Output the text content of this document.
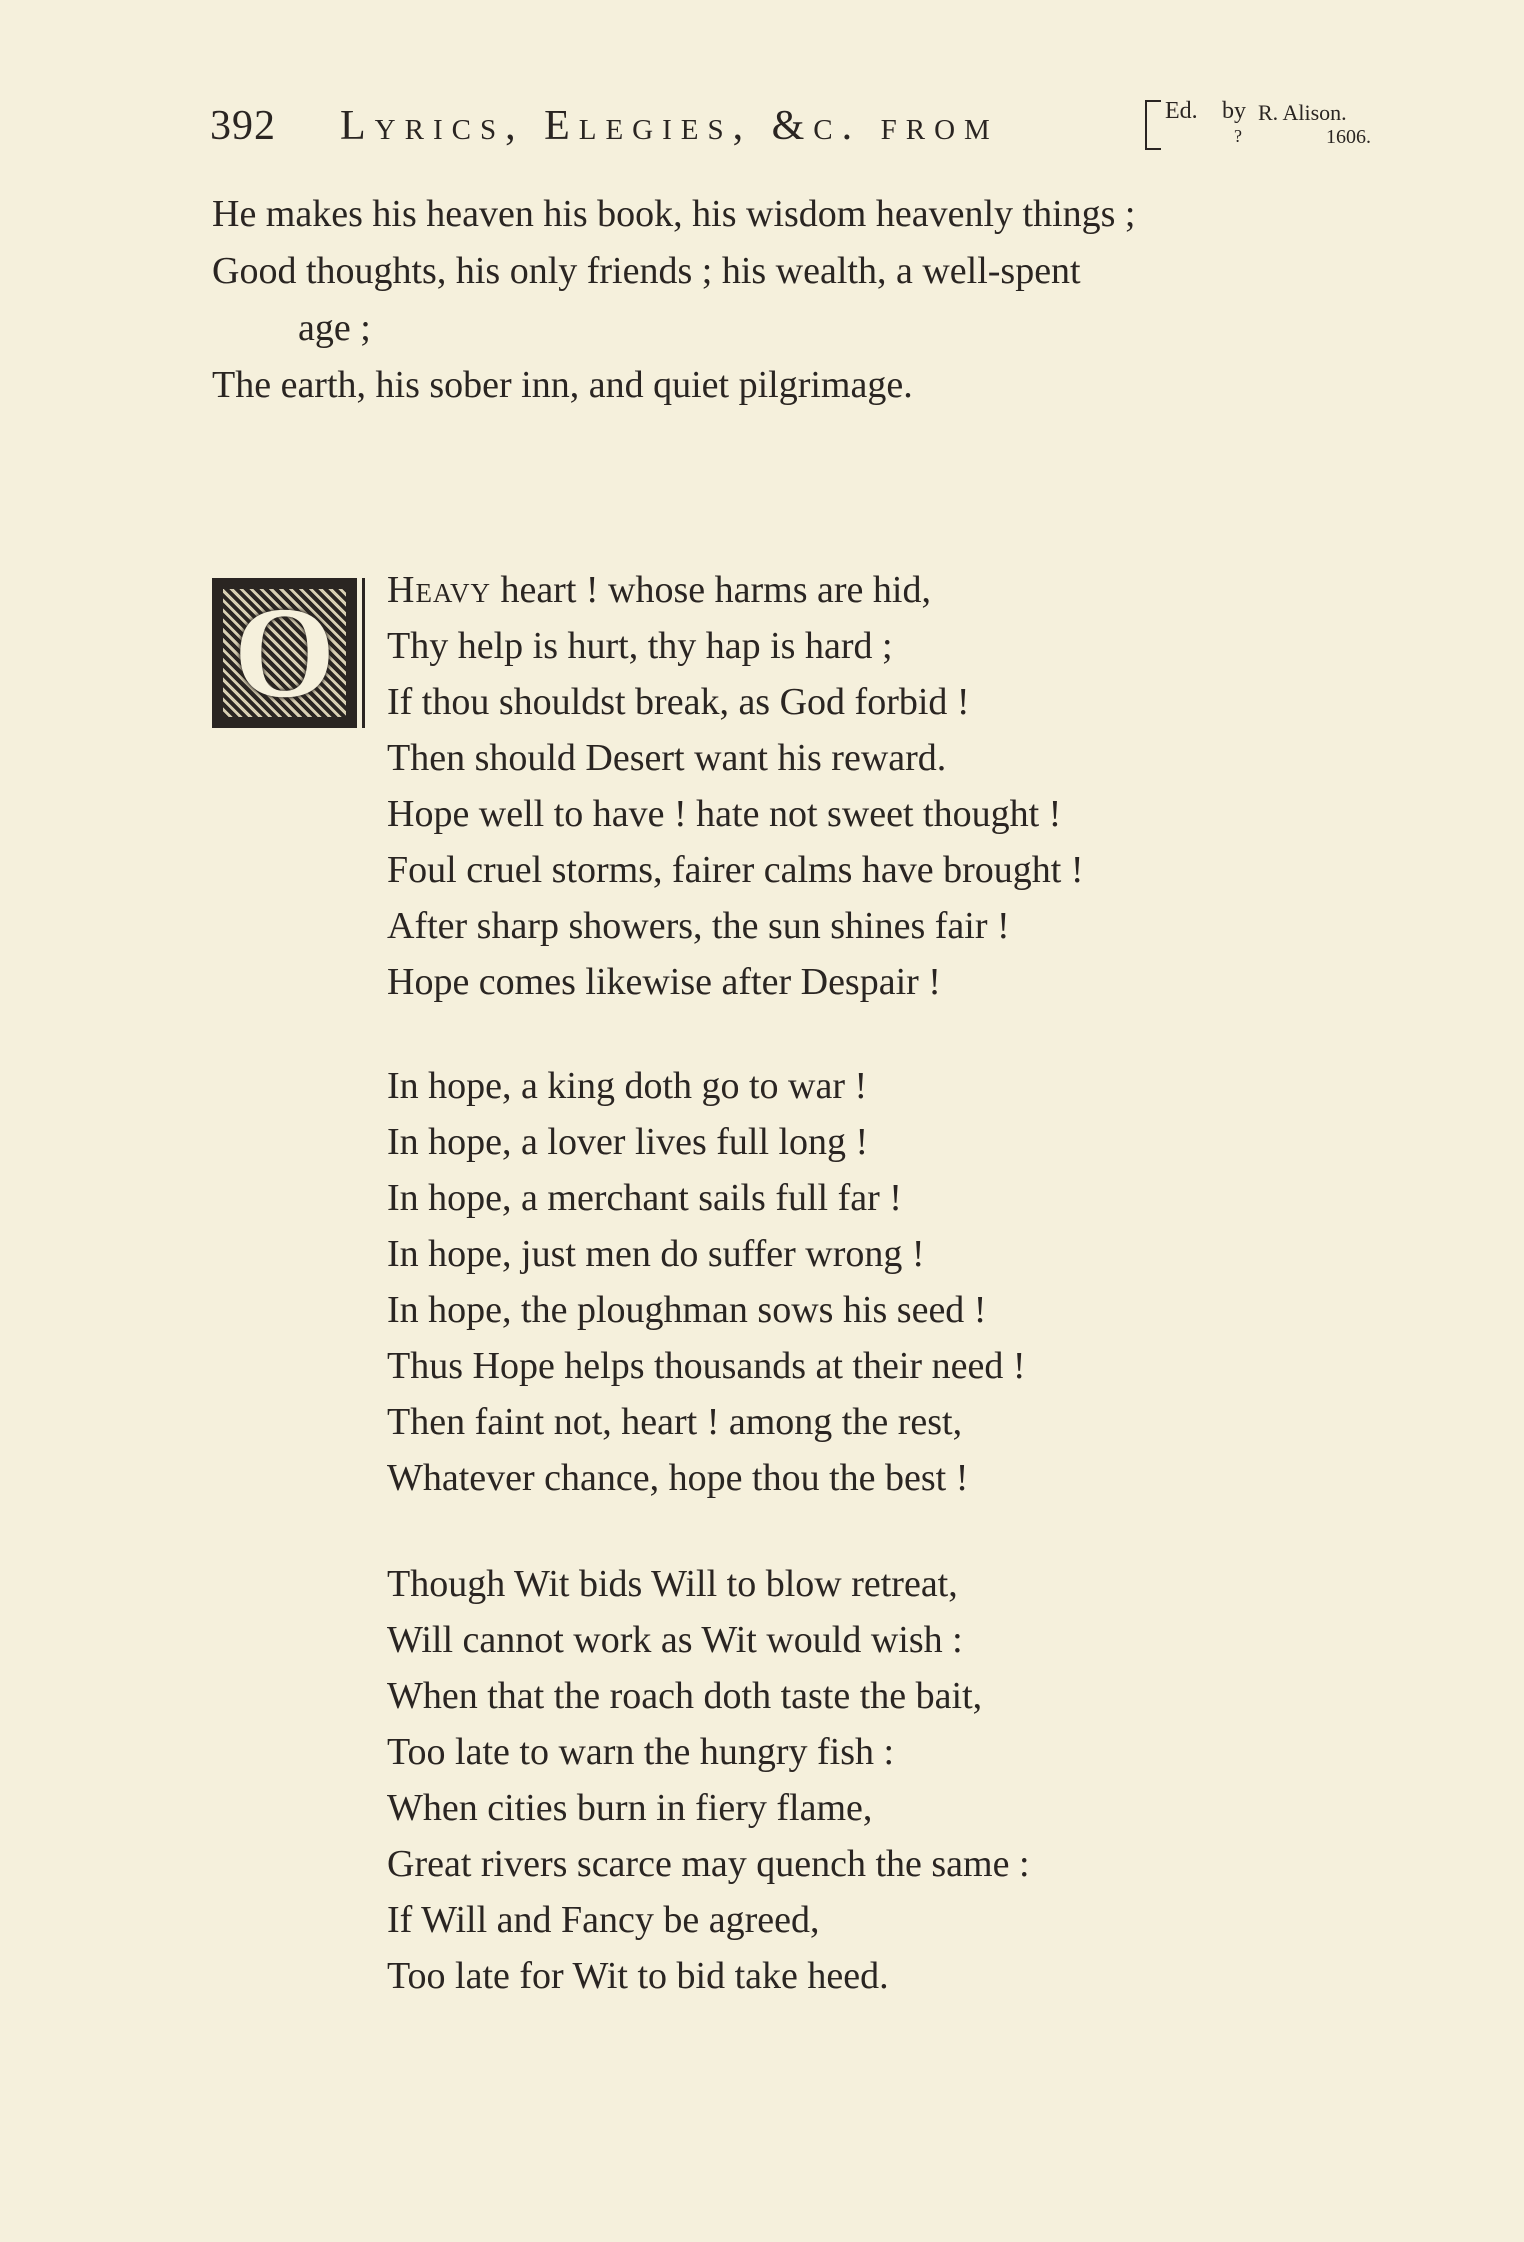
392 Lyrics, Elegies, &c. from	Ed. by
?
R. Alison.
1606.
He makes his heaven his book, his wisdom heavenly things ;
Good thoughts, his only friends ; his wealth, a well-spent
age ;
The earth, his sober inn, and quiet pilgrimage.
O	Heavy heart ! whose harms are hid,
Thy help is hurt, thy hap is hard ;
If thou shouldst break, as God forbid !
Then should Desert want his reward.
Hope well to have ! hate not sweet thought !
Foul cruel storms, fairer calms have brought !
After sharp showers, the sun shines fair !
Hope comes likewise after Despair !
In hope, a king doth go to war !
In hope, a lover lives full long !
In hope, a merchant sails full far !
In hope, just men do suffer wrong !
In hope, the ploughman sows his seed !
Thus Hope helps thousands at their need !
Then faint not, heart ! among the rest,
Whatever chance, hope thou the best !
Though Wit bids Will to blow retreat,
Will cannot work as Wit would wish :
When that the roach doth taste the bait,
Too late to warn the hungry fish :
When cities burn in fiery flame,
Great rivers scarce may quench the same :
If Will and Fancy be agreed,
Too late for Wit to bid take heed.
